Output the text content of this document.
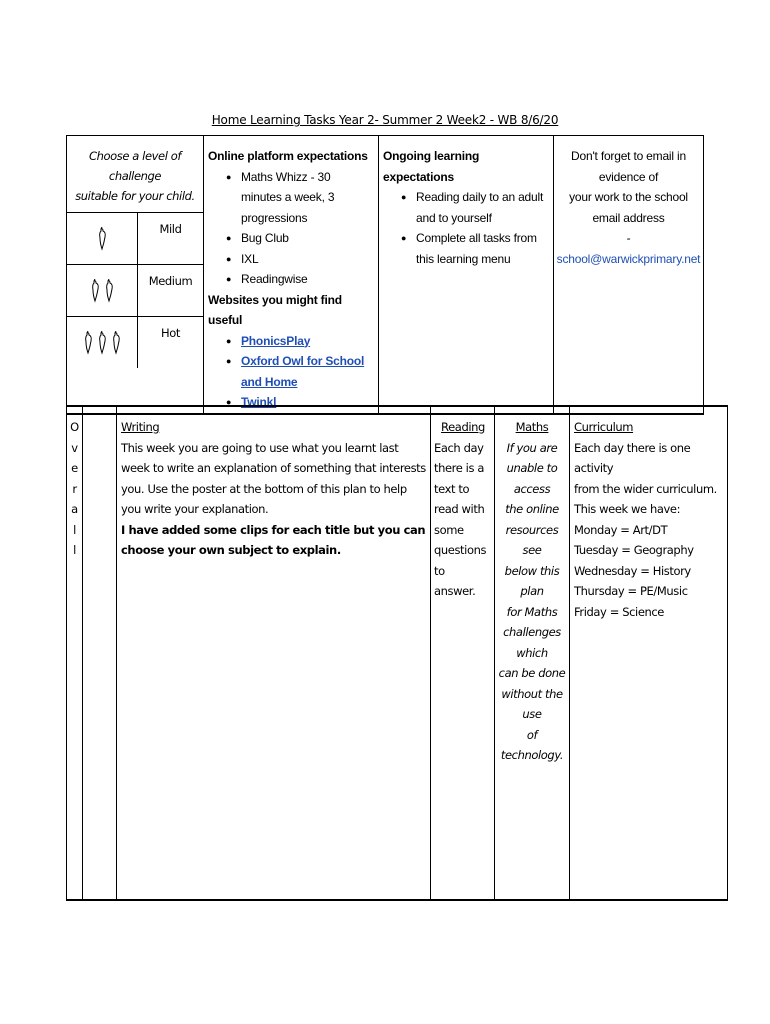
Home Learning Tasks Year 2- Summer 2 Week2 - WB 8/6/20
Choose a level of challenge
suitable for your child.
Mild
Medium
Hot

Online platform expectations
● Maths Whizz - 30 minutes a week, 3 progressions
● Bug Club
● IXL
● Readingwise
Websites you might find useful
● PhonicsPlay
● Oxford Owl for School and Home
● Twinkl

Ongoing learning expectations
● Reading daily to an adult and to yourself
● Complete all tasks from this learning menu

Don't forget to email in evidence of
your work to the school email address
- school@warwickprimary.net
O
v
e
r
a
l
l

Writing
This week you are going to use what you learnt last week to write an explanation of something that interests you. Use the poster at the bottom of this plan to help you write your explanation.
I have added some clips for each title but you can choose your own subject to explain.

Reading
Each day
there is a
text to
read with
some
questions to
answer.

Maths
If you are
unable to access
the online
resources see
below this plan
for Maths
challenges which
can be done
without the use
of technology.

Curriculum
Each day there is one activity
from the wider curriculum.
This week we have:
Monday = Art/DT
Tuesday = Geography
Wednesday = History
Thursday = PE/Music
Friday = Science
